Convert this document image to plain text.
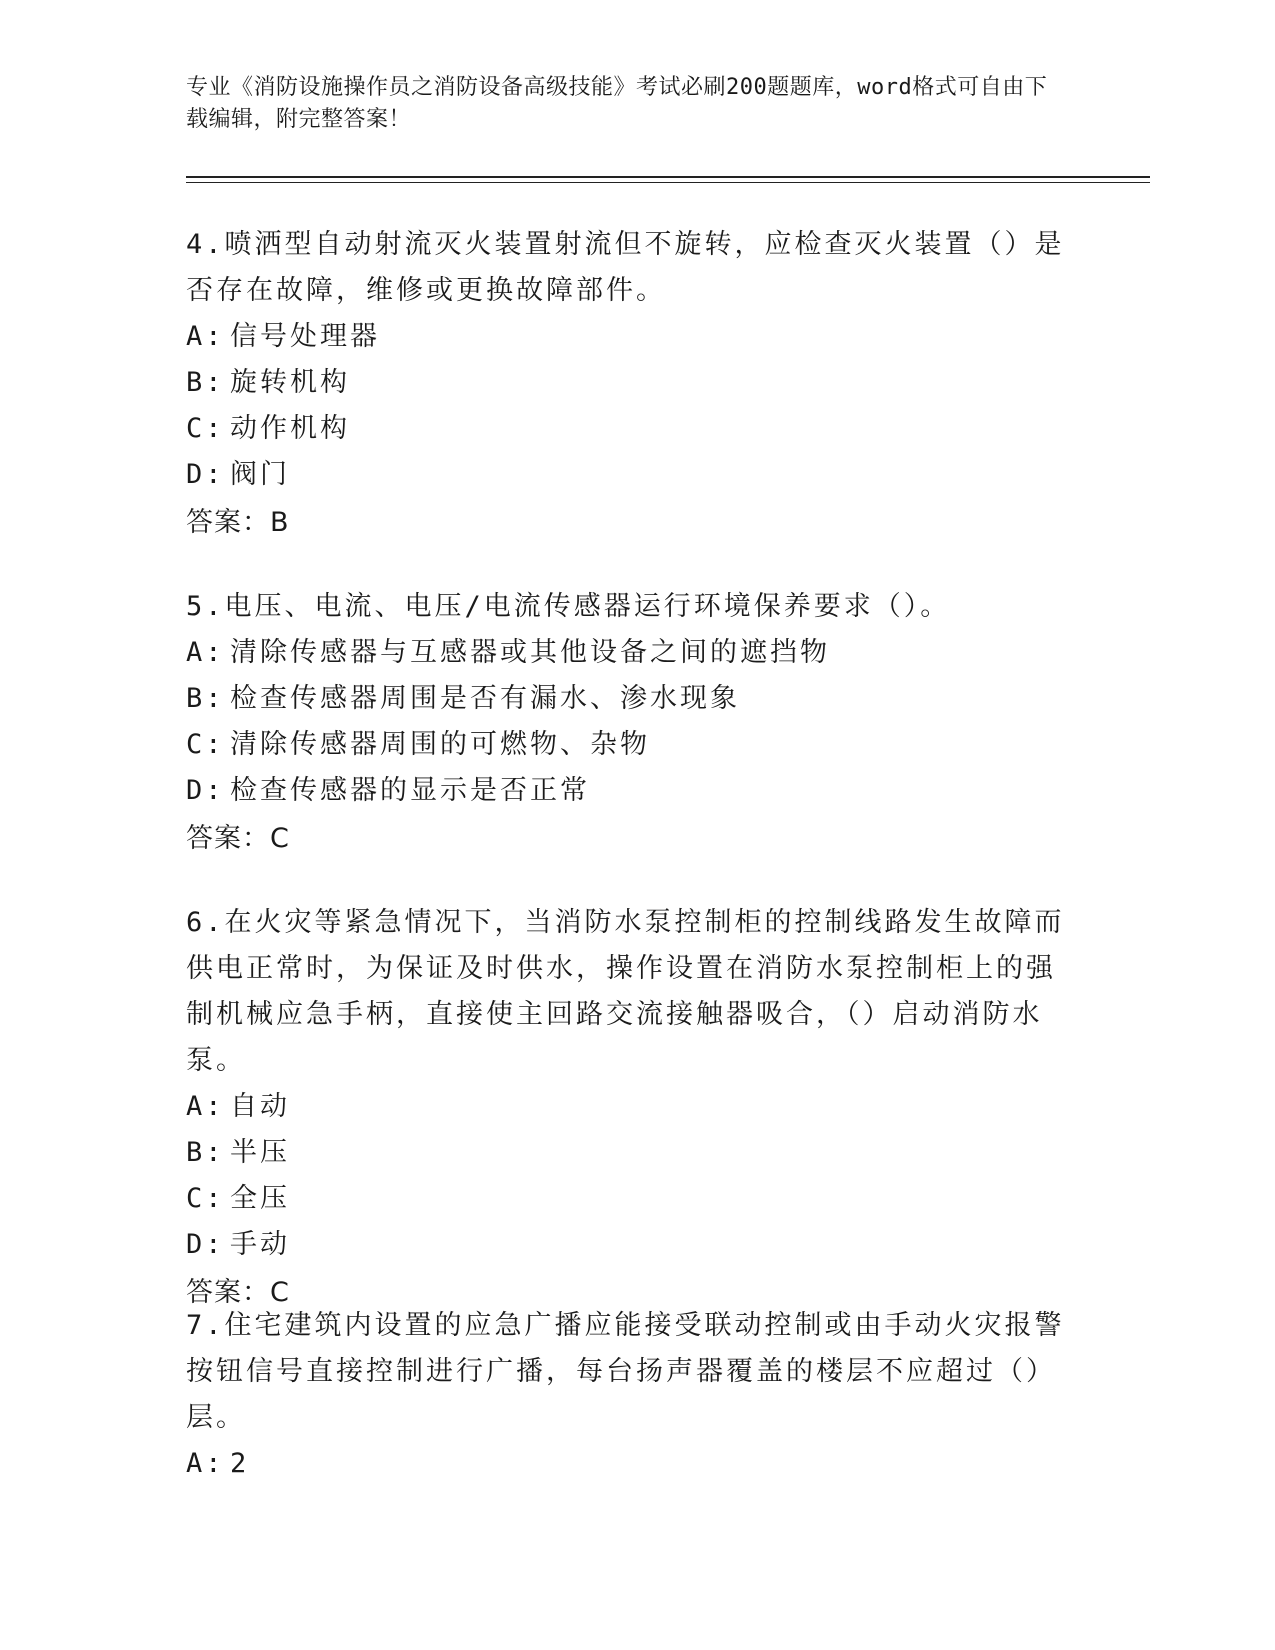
专业《消防设施操作员之消防设备高级技能》考试必刷200题题库，word格式可自由下载编辑，附完整答案！

4.喷洒型自动射流灭火装置射流但不旋转，应检查灭火装置（）是否存在故障，维修或更换故障部件。

A: 信号处理器
B: 旋转机构
C: 动作机构
D: 阀门
答案：B

5.电压、电流、电压/电流传感器运行环境保养要求（）。

A: 清除传感器与互感器或其他设备之间的遮挡物
B: 检查传感器周围是否有漏水、渗水现象
C: 清除传感器周围的可燃物、杂物
D: 检查传感器的显示是否正常
答案：C

6.在火灾等紧急情况下，当消防水泵控制柜的控制线路发生故障而供电正常时，为保证及时供水，操作设置在消防水泵控制柜上的强制机械应急手柄，直接使主回路交流接触器吸合，（）启动消防水泵。

A: 自动
B: 半压
C: 全压
D: 手动
答案：C

7.住宅建筑内设置的应急广播应能接受联动控制或由手动火灾报警按钮信号直接控制进行广播，每台扬声器覆盖的楼层不应超过（）层。

A: 2
